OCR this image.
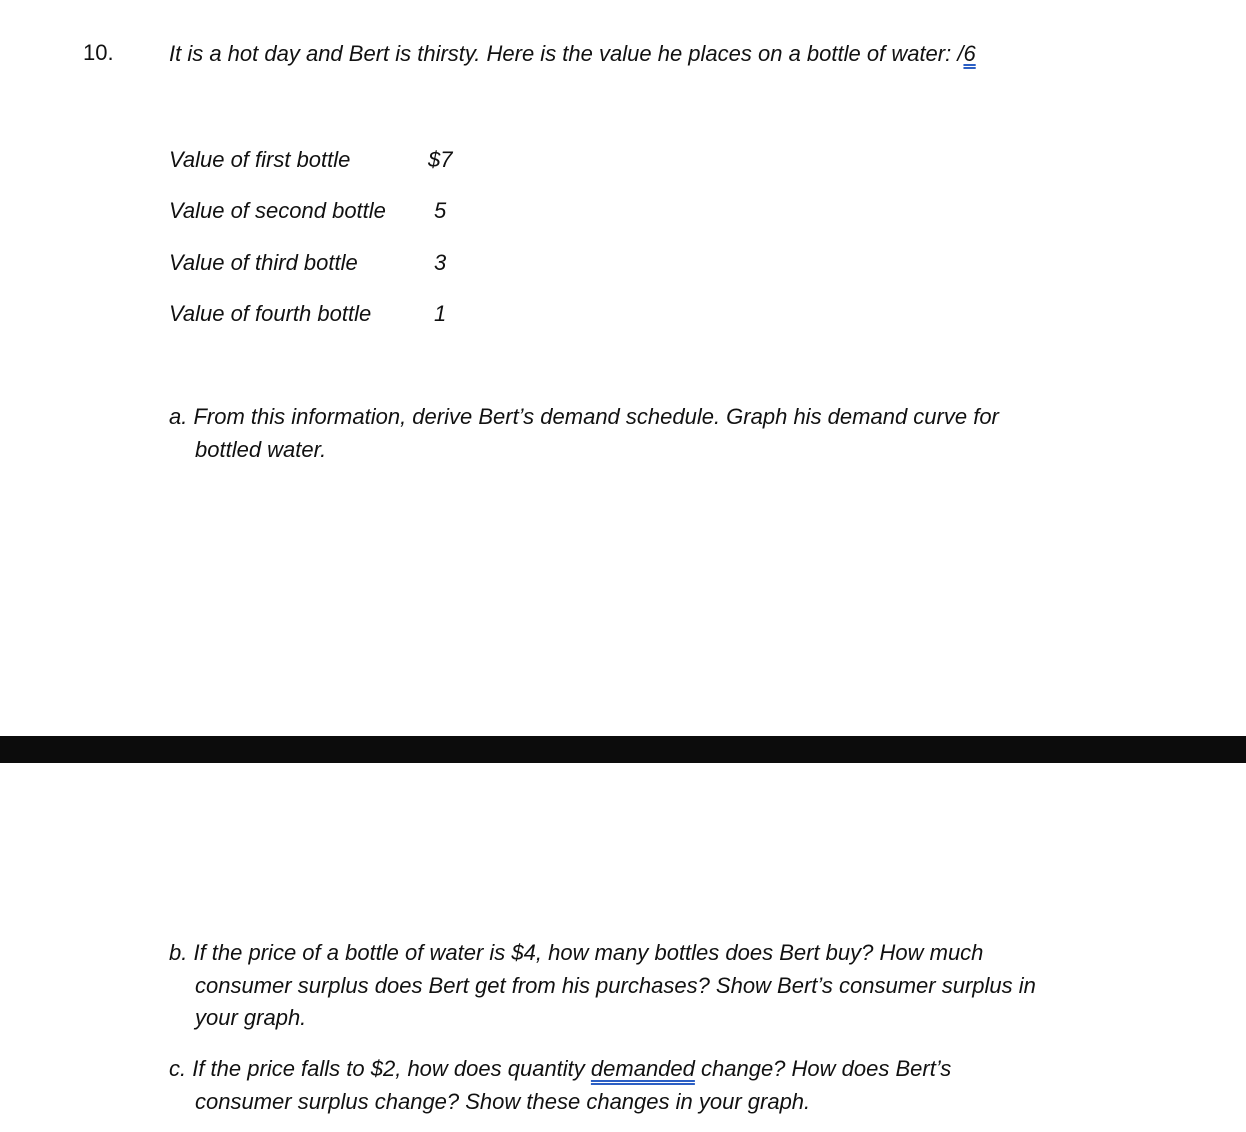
10.	It is a hot day and Bert is thirsty. Here is the value he places on a bottle of water: /6
Value of first bottle	$7
Value of second bottle 5
Value of third bottle	3
Value of fourth bottle	1
a. From this information, derive Bert’s demand schedule. Graph his demand curve for
bottled water.
b. If the price of a bottle of water is $4, how many bottles does Bert buy? How much
consumer surplus does Bert get from his purchases? Show Bert’s consumer surplus in
your graph.
c. If the price falls to $2, how does quantity demanded change? How does Bert’s
consumer surplus change? Show these changes in your graph.
